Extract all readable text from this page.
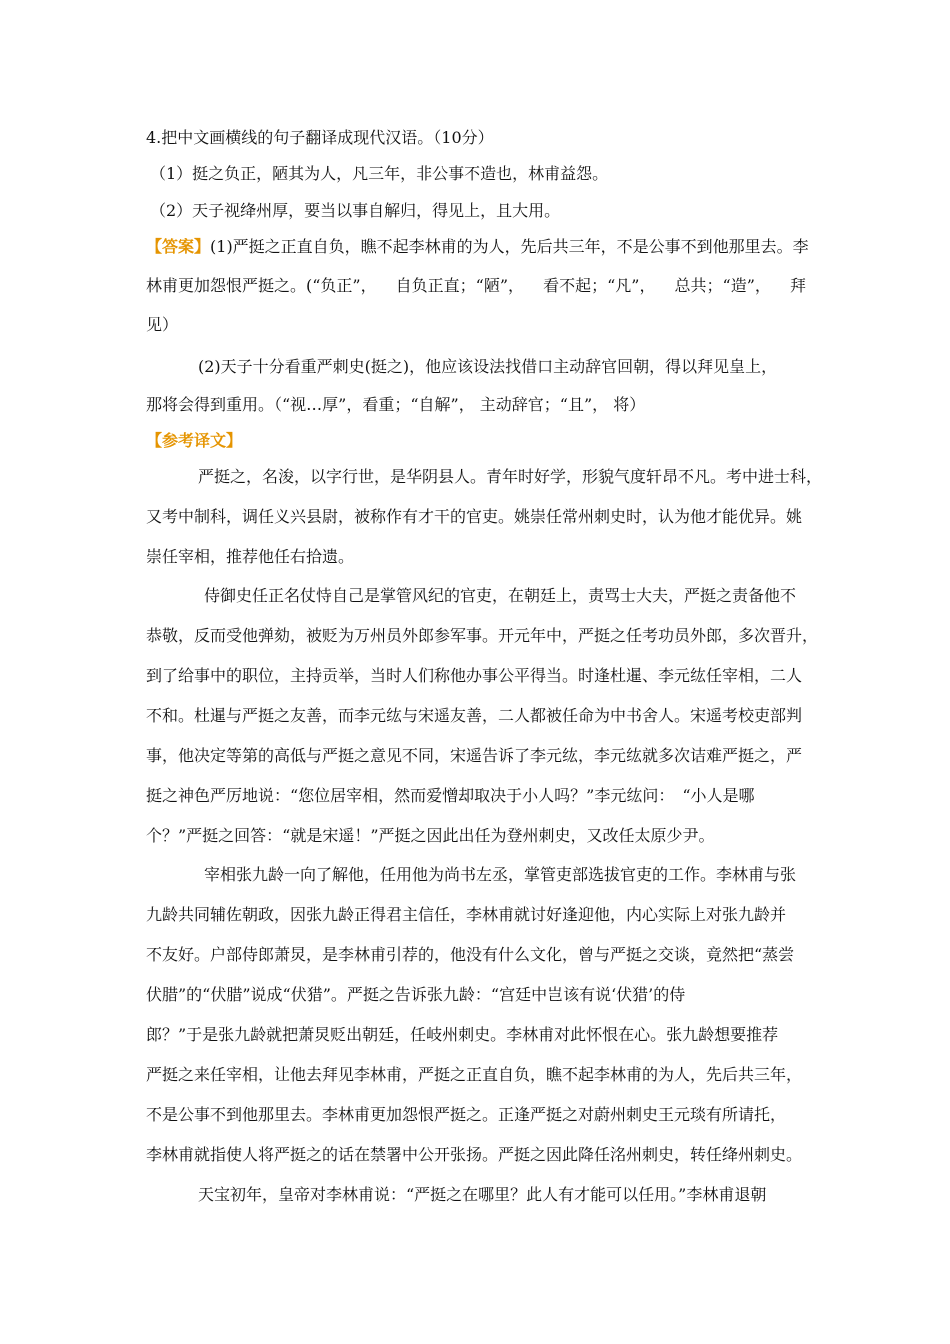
4.把中文画横线的句子翻译成现代汉语。（10分）
（1）挺之负正，陋其为人，凡三年，非公事不造也，林甫益怨。
（2）天子视绛州厚，要当以事自解归，得见上，且大用。
【答案】(1)严挺之正直自负，瞧不起李林甫的为人，先后共三年，不是公事不到他那里去。李
林甫更加怨恨严挺之。(“负正”， 自负正直；“陋”， 看不起；“凡”， 总共；“造”， 拜
见）
(2)天子十分看重严刺史(挺之)，他应该设法找借口主动辞官回朝，得以拜见皇上，
那将会得到重用。（“视…厚”，看重；“自解”， 主动辞官；“且”， 将）
【参考译文】
严挺之，名浚，以字行世，是华阴县人。青年时好学，形貌气度轩昂不凡。考中进士科，
又考中制科，调任义兴县尉，被称作有才干的官吏。姚崇任常州刺史时，认为他才能优异。姚
崇任宰相，推荐他任右拾遗。
侍御史任正名仗恃自己是掌管风纪的官吏，在朝廷上，责骂士大夫，严挺之责备他不
恭敬，反而受他弹劾，被贬为万州员外郎参军事。开元年中，严挺之任考功员外郎，多次晋升，
到了给事中的职位，主持贡举，当时人们称他办事公平得当。时逢杜暹、李元纮任宰相，二人
不和。杜暹与严挺之友善，而李元纮与宋遥友善，二人都被任命为中书舍人。宋遥考校吏部判
事，他决定等第的高低与严挺之意见不同，宋遥告诉了李元纮，李元纮就多次诘难严挺之，严
挺之神色严厉地说：“您位居宰相，然而爱憎却取决于小人吗？”李元纮问：　“小人是哪
个？”严挺之回答：“就是宋遥！”严挺之因此出任为登州刺史，又改任太原少尹。
宰相张九龄一向了解他，任用他为尚书左丞，掌管吏部选拔官吏的工作。李林甫与张
九龄共同辅佐朝政，因张九龄正得君主信任，李林甫就讨好逢迎他，内心实际上对张九龄并
不友好。户部侍郎萧炅，是李林甫引荐的，他没有什么文化，曾与严挺之交谈，竟然把“蒸尝
伏腊”的“伏腊”说成“伏猎”。严挺之告诉张九龄：“宫廷中岂该有说‘伏猎’的侍
郎？”于是张九龄就把萧炅贬出朝廷，任岐州刺史。李林甫对此怀恨在心。张九龄想要推荐
严挺之来任宰相，让他去拜见李林甫，严挺之正直自负，瞧不起李林甫的为人，先后共三年，
不是公事不到他那里去。李林甫更加怨恨严挺之。正逢严挺之对蔚州刺史王元琰有所请托，
李林甫就指使人将严挺之的话在禁署中公开张扬。严挺之因此降任洺州刺史，转任绛州刺史。
天宝初年，皇帝对李林甫说：“严挺之在哪里？此人有才能可以任用。”李林甫退朝
